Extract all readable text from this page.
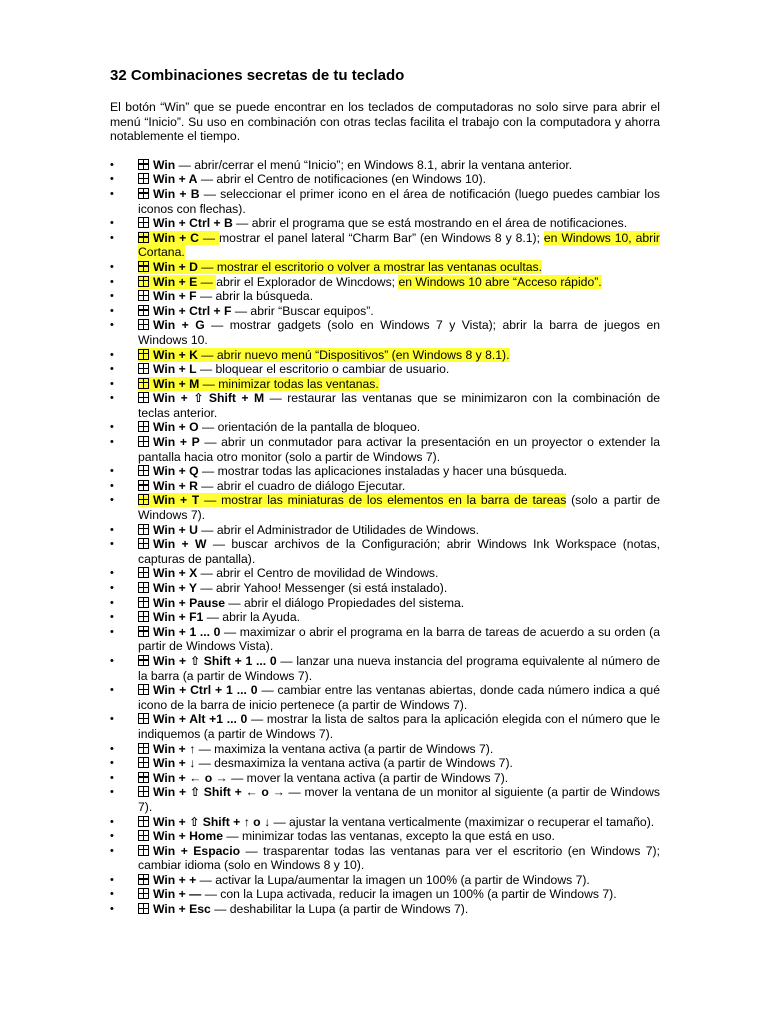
32 Combinaciones secretas de tu teclado

El botón “Win” que se puede encontrar en los teclados de computadoras no solo sirve para abrir el menú “Inicio”. Su uso en combinación con otras teclas facilita el trabajo con la computadora y ahorra notablemente el tiempo.

•	Win — abrir/cerrar el menú “Inicio”; en Windows 8.1, abrir la ventana anterior.
•	Win + A — abrir el Centro de notificaciones (en Windows 10).
•	Win + B — seleccionar el primer icono en el área de notificación (luego puedes cambiar los iconos con flechas).
•	Win + Ctrl + B — abrir el programa que se está mostrando en el área de notificaciones.
•	Win + C — mostrar el panel lateral “Charm Bar” (en Windows 8 y 8.1); en Windows 10, abrir Cortana.
•	Win + D — mostrar el escritorio o volver a mostrar las ventanas ocultas.
•	Win + E — abrir el Explorador de Wincdows; en Windows 10 abre “Acceso rápido”.
•	Win + F — abrir la búsqueda.
•	Win + Ctrl + F — abrir “Buscar equipos”.
•	Win + G — mostrar gadgets (solo en Windows 7 y Vista); abrir la barra de juegos en Windows 10.
•	Win + K — abrir nuevo menú “Dispositivos” (en Windows 8 y 8.1).
•	Win + L — bloquear el escritorio o cambiar de usuario.
•	Win + M — minimizar todas las ventanas.
•	Win + ⇧ Shift + M — restaurar las ventanas que se minimizaron con la combinación de teclas anterior.
•	Win + O — orientación de la pantalla de bloqueo.
•	Win + P — abrir un conmutador para activar la presentación en un proyector o extender la pantalla hacia otro monitor (solo a partir de Windows 7).
•	Win + Q — mostrar todas las aplicaciones instaladas y hacer una búsqueda.
•	Win + R — abrir el cuadro de diálogo Ejecutar.
•	Win + T — mostrar las miniaturas de los elementos en la barra de tareas (solo a partir de Windows 7).
•	Win + U — abrir el Administrador de Utilidades de Windows.
•	Win + W — buscar archivos de la Configuración; abrir Windows Ink Workspace (notas, capturas de pantalla).
•	Win + X — abrir el Centro de movilidad de Windows.
•	Win + Y — abrir Yahoo! Messenger (si está instalado).
•	Win + Pause — abrir el diálogo Propiedades del sistema.
•	Win + F1 — abrir la Ayuda.
•	Win + 1 ... 0 — maximizar o abrir el programa en la barra de tareas de acuerdo a su orden (a partir de Windows Vista).
•	Win + ⇧ Shift + 1 ... 0 — lanzar una nueva instancia del programa equivalente al número de la barra (a partir de Windows 7).
•	Win + Ctrl + 1 ... 0 — cambiar entre las ventanas abiertas, donde cada número indica a qué icono de la barra de inicio pertenece (a partir de Windows 7).
•	Win + Alt +1 ... 0 — mostrar la lista de saltos para la aplicación elegida con el número que le indiquemos (a partir de Windows 7).
•	Win + ↑ — maximiza la ventana activa (a partir de Windows 7).
•	Win + ↓ — desmaximiza la ventana activa (a partir de Windows 7).
•	Win + ← o → — mover la ventana activa (a partir de Windows 7).
•	Win + ⇧ Shift + ← o → — mover la ventana de un monitor al siguiente (a partir de Windows 7).
•	Win + ⇧ Shift + ↑ o ↓ — ajustar la ventana verticalmente (maximizar o recuperar el tamaño).
•	Win + Home — minimizar todas las ventanas, excepto la que está en uso.
•	Win + Espacio — trasparentar todas las ventanas para ver el escritorio (en Windows 7); cambiar idioma (solo en Windows 8 y 10).
•	Win + + — activar la Lupa/aumentar la imagen un 100% (a partir de Windows 7).
•	Win + — — con la Lupa activada, reducir la imagen un 100% (a partir de Windows 7).
•	Win + Esc — deshabilitar la Lupa (a partir de Windows 7).
